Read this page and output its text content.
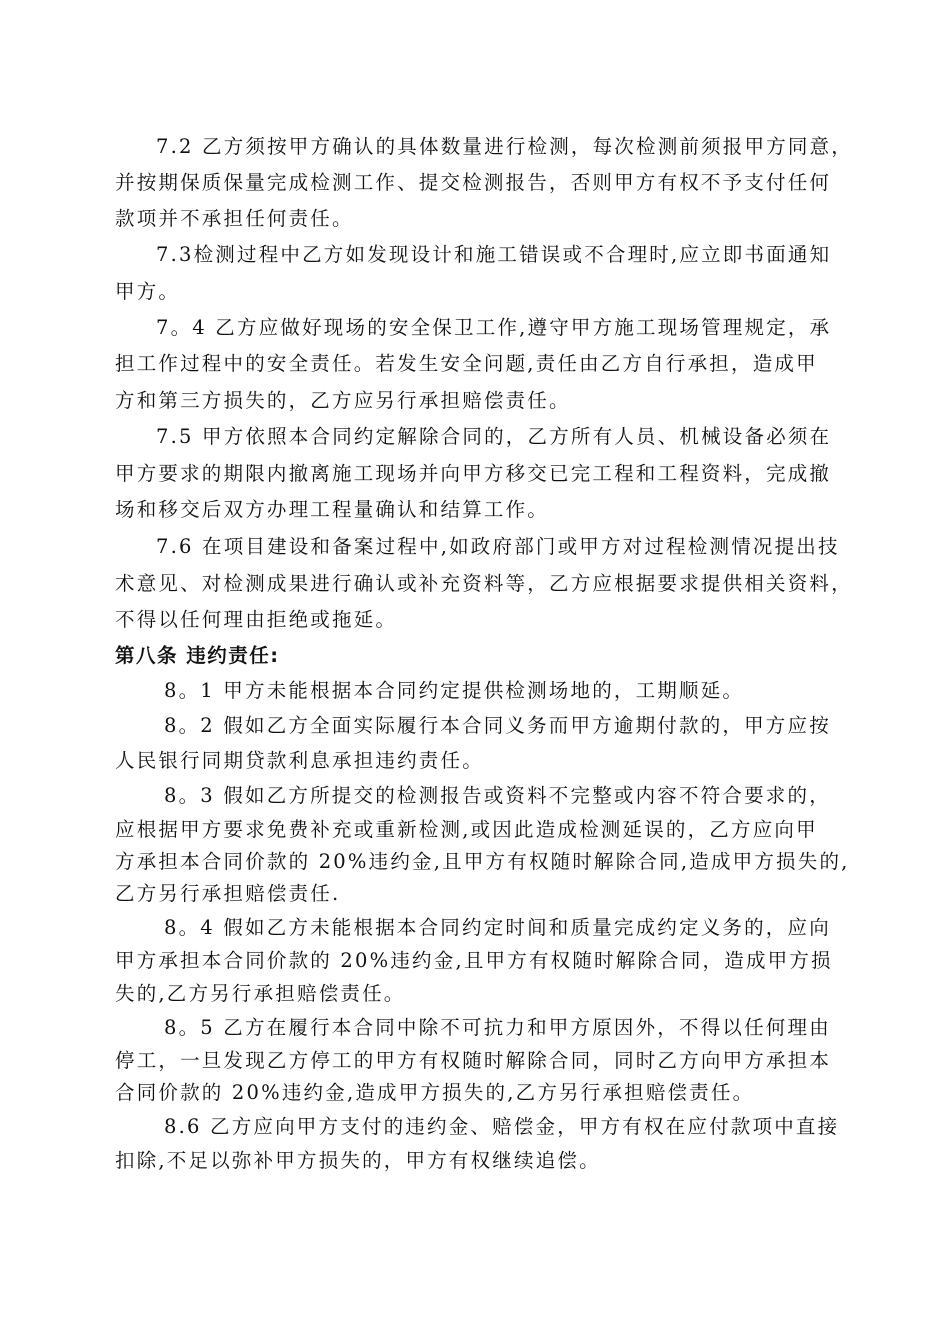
7.2 乙方须按甲方确认的具体数量进行检测，每次检测前须报甲方同意，
并按期保质保量完成检测工作、提交检测报告，否则甲方有权不予支付任何
款项并不承担任何责任。
7.3检测过程中乙方如发现设计和施工错误或不合理时,应立即书面通知
甲方。
7。4 乙方应做好现场的安全保卫工作,遵守甲方施工现场管理规定，承
担工作过程中的安全责任。若发生安全问题,责任由乙方自行承担，造成甲
方和第三方损失的，乙方应另行承担赔偿责任。
7.5 甲方依照本合同约定解除合同的，乙方所有人员、机械设备必须在
甲方要求的期限内撤离施工现场并向甲方移交已完工程和工程资料，完成撤
场和移交后双方办理工程量确认和结算工作。
7.6 在项目建设和备案过程中,如政府部门或甲方对过程检测情况提出技
术意见、对检测成果进行确认或补充资料等，乙方应根据要求提供相关资料，
不得以任何理由拒绝或拖延。
第八条 违约责任:
8。1 甲方未能根据本合同约定提供检测场地的，工期顺延。
8。2 假如乙方全面实际履行本合同义务而甲方逾期付款的，甲方应按
人民银行同期贷款利息承担违约责任。
8。3 假如乙方所提交的检测报告或资料不完整或内容不符合要求的，
应根据甲方要求免费补充或重新检测,或因此造成检测延误的，乙方应向甲
方承担本合同价款的 20%违约金,且甲方有权随时解除合同,造成甲方损失的,
乙方另行承担赔偿责任.
8。4 假如乙方未能根据本合同约定时间和质量完成约定义务的，应向
甲方承担本合同价款的 20%违约金,且甲方有权随时解除合同，造成甲方损
失的,乙方另行承担赔偿责任。
8。5 乙方在履行本合同中除不可抗力和甲方原因外，不得以任何理由
停工，一旦发现乙方停工的甲方有权随时解除合同，同时乙方向甲方承担本
合同价款的 20%违约金,造成甲方损失的,乙方另行承担赔偿责任。
8.6 乙方应向甲方支付的违约金、赔偿金，甲方有权在应付款项中直接
扣除,不足以弥补甲方损失的，甲方有权继续追偿。
